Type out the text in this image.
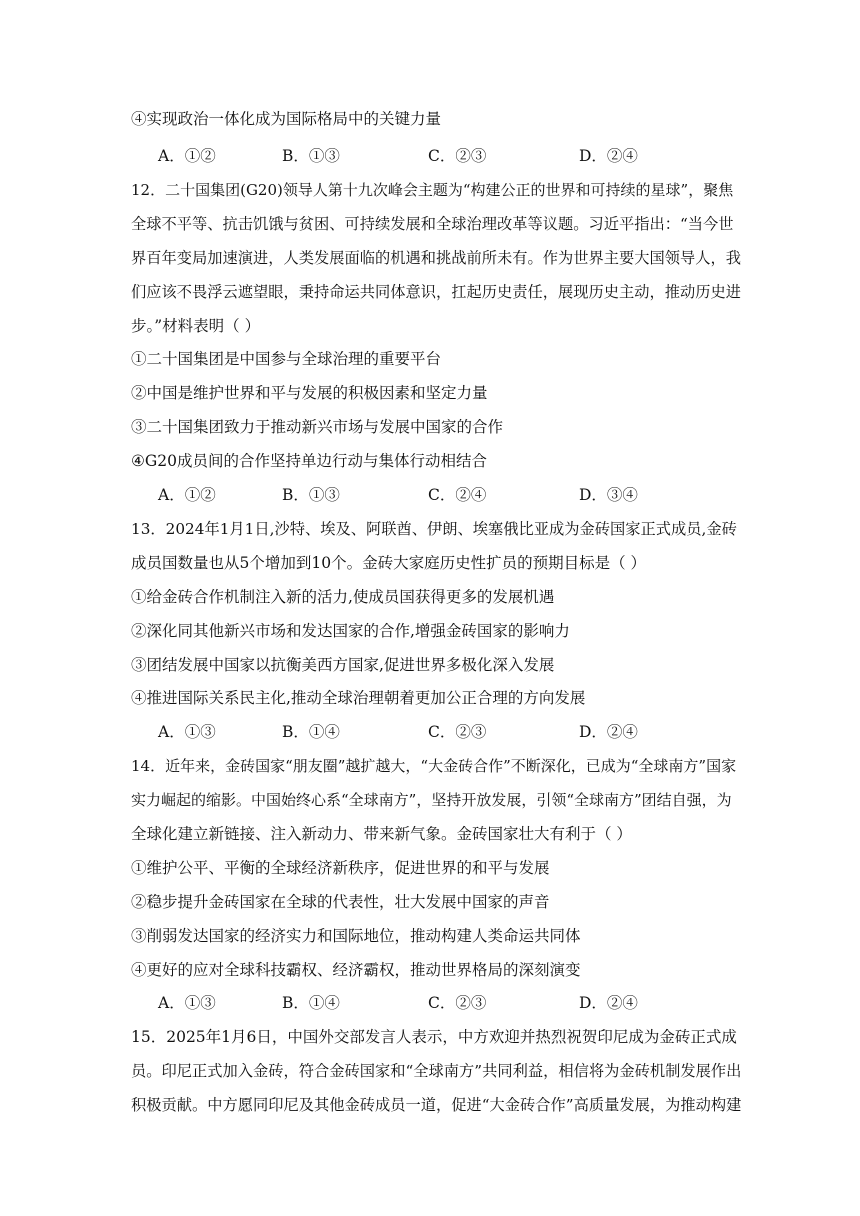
④实现政治一体化成为国际格局中的关键力量
A．①②	B．①③	C．②③	D．②④
12．二十国集团(G20)领导人第十九次峰会主题为“构建公正的世界和可持续的星球”，聚焦
全球不平等、抗击饥饿与贫困、可持续发展和全球治理改革等议题。习近平指出：“当今世
界百年变局加速演进，人类发展面临的机遇和挑战前所未有。作为世界主要大国领导人，我
们应该不畏浮云遮望眼，秉持命运共同体意识，扛起历史责任，展现历史主动，推动历史进
步。”材料表明（ ）
①二十国集团是中国参与全球治理的重要平台
②中国是维护世界和平与发展的积极因素和坚定力量
③二十国集团致力于推动新兴市场与发展中国家的合作
④G20成员间的合作坚持单边行动与集体行动相结合
A．①②	B．①③	C．②④	D．③④
13．2024年1月1日,沙特、埃及、阿联酋、伊朗、埃塞俄比亚成为金砖国家正式成员,金砖
成员国数量也从5个增加到10个。金砖大家庭历史性扩员的预期目标是（ ）
①给金砖合作机制注入新的活力,使成员国获得更多的发展机遇
②深化同其他新兴市场和发达国家的合作,增强金砖国家的影响力
③团结发展中国家以抗衡美西方国家,促进世界多极化深入发展
④推进国际关系民主化,推动全球治理朝着更加公正合理的方向发展
A．①③	B．①④	C．②③	D．②④
14．近年来，金砖国家“朋友圈”越扩越大，“大金砖合作”不断深化，已成为“全球南方”国家
实力崛起的缩影。中国始终心系“全球南方”，坚持开放发展，引领“全球南方”团结自强，为
全球化建立新链接、注入新动力、带来新气象。金砖国家壮大有利于（ ）
①维护公平、平衡的全球经济新秩序，促进世界的和平与发展
②稳步提升金砖国家在全球的代表性，壮大发展中国家的声音
③削弱发达国家的经济实力和国际地位，推动构建人类命运共同体
④更好的应对全球科技霸权、经济霸权，推动世界格局的深刻演变
A．①③	B．①④	C．②③	D．②④
15．2025年1月6日，中国外交部发言人表示，中方欢迎并热烈祝贺印尼成为金砖正式成
员。印尼正式加入金砖，符合金砖国家和“全球南方”共同利益，相信将为金砖机制发展作出
积极贡献。中方愿同印尼及其他金砖成员一道，促进“大金砖合作”高质量发展，为推动构建
